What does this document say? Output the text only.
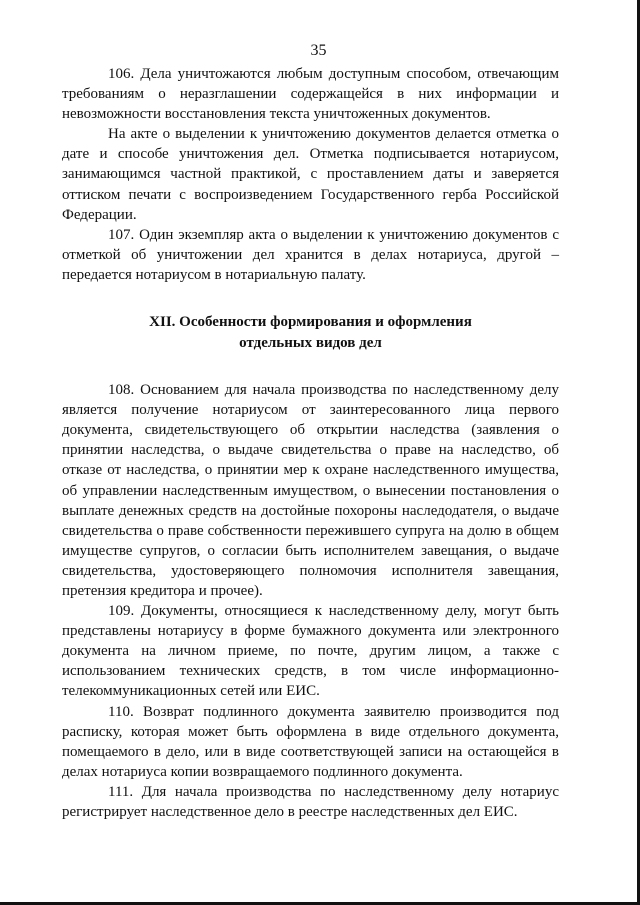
35

106. Дела уничтожаются любым доступным способом, отвечающим требованиям о неразглашении содержащейся в них информации и невозможности восстановления текста уничтоженных документов.

На акте о выделении к уничтожению документов делается отметка о дате и способе уничтожения дел. Отметка подписывается нотариусом, занимающимся частной практикой, с проставлением даты и заверяется оттиском печати с воспроизведением Государственного герба Российской Федерации.

107. Один экземпляр акта о выделении к уничтожению документов с отметкой об уничтожении дел хранится в делах нотариуса, другой – передается нотариусом в нотариальную палату.

XII. Особенности формирования и оформления
отдельных видов дел

108. Основанием для начала производства по наследственному делу является получение нотариусом от заинтересованного лица первого документа, свидетельствующего об открытии наследства (заявления о принятии наследства, о выдаче свидетельства о праве на наследство, об отказе от наследства, о принятии мер к охране наследственного имущества, об управлении наследственным имуществом, о вынесении постановления о выплате денежных средств на достойные похороны наследодателя, о выдаче свидетельства о праве собственности пережившего супруга на долю в общем имуществе супругов, о согласии быть исполнителем завещания, о выдаче свидетельства, удостоверяющего полномочия исполнителя завещания, претензия кредитора и прочее).

109. Документы, относящиеся к наследственному делу, могут быть представлены нотариусу в форме бумажного документа или электронного документа на личном приеме, по почте, другим лицом, а также с использованием технических средств, в том числе информационно-телекоммуникационных сетей или ЕИС.

110. Возврат подлинного документа заявителю производится под расписку, которая может быть оформлена в виде отдельного документа, помещаемого в дело, или в виде соответствующей записи на остающейся в делах нотариуса копии возвращаемого подлинного документа.

111. Для начала производства по наследственному делу нотариус регистрирует наследственное дело в реестре наследственных дел ЕИС.
